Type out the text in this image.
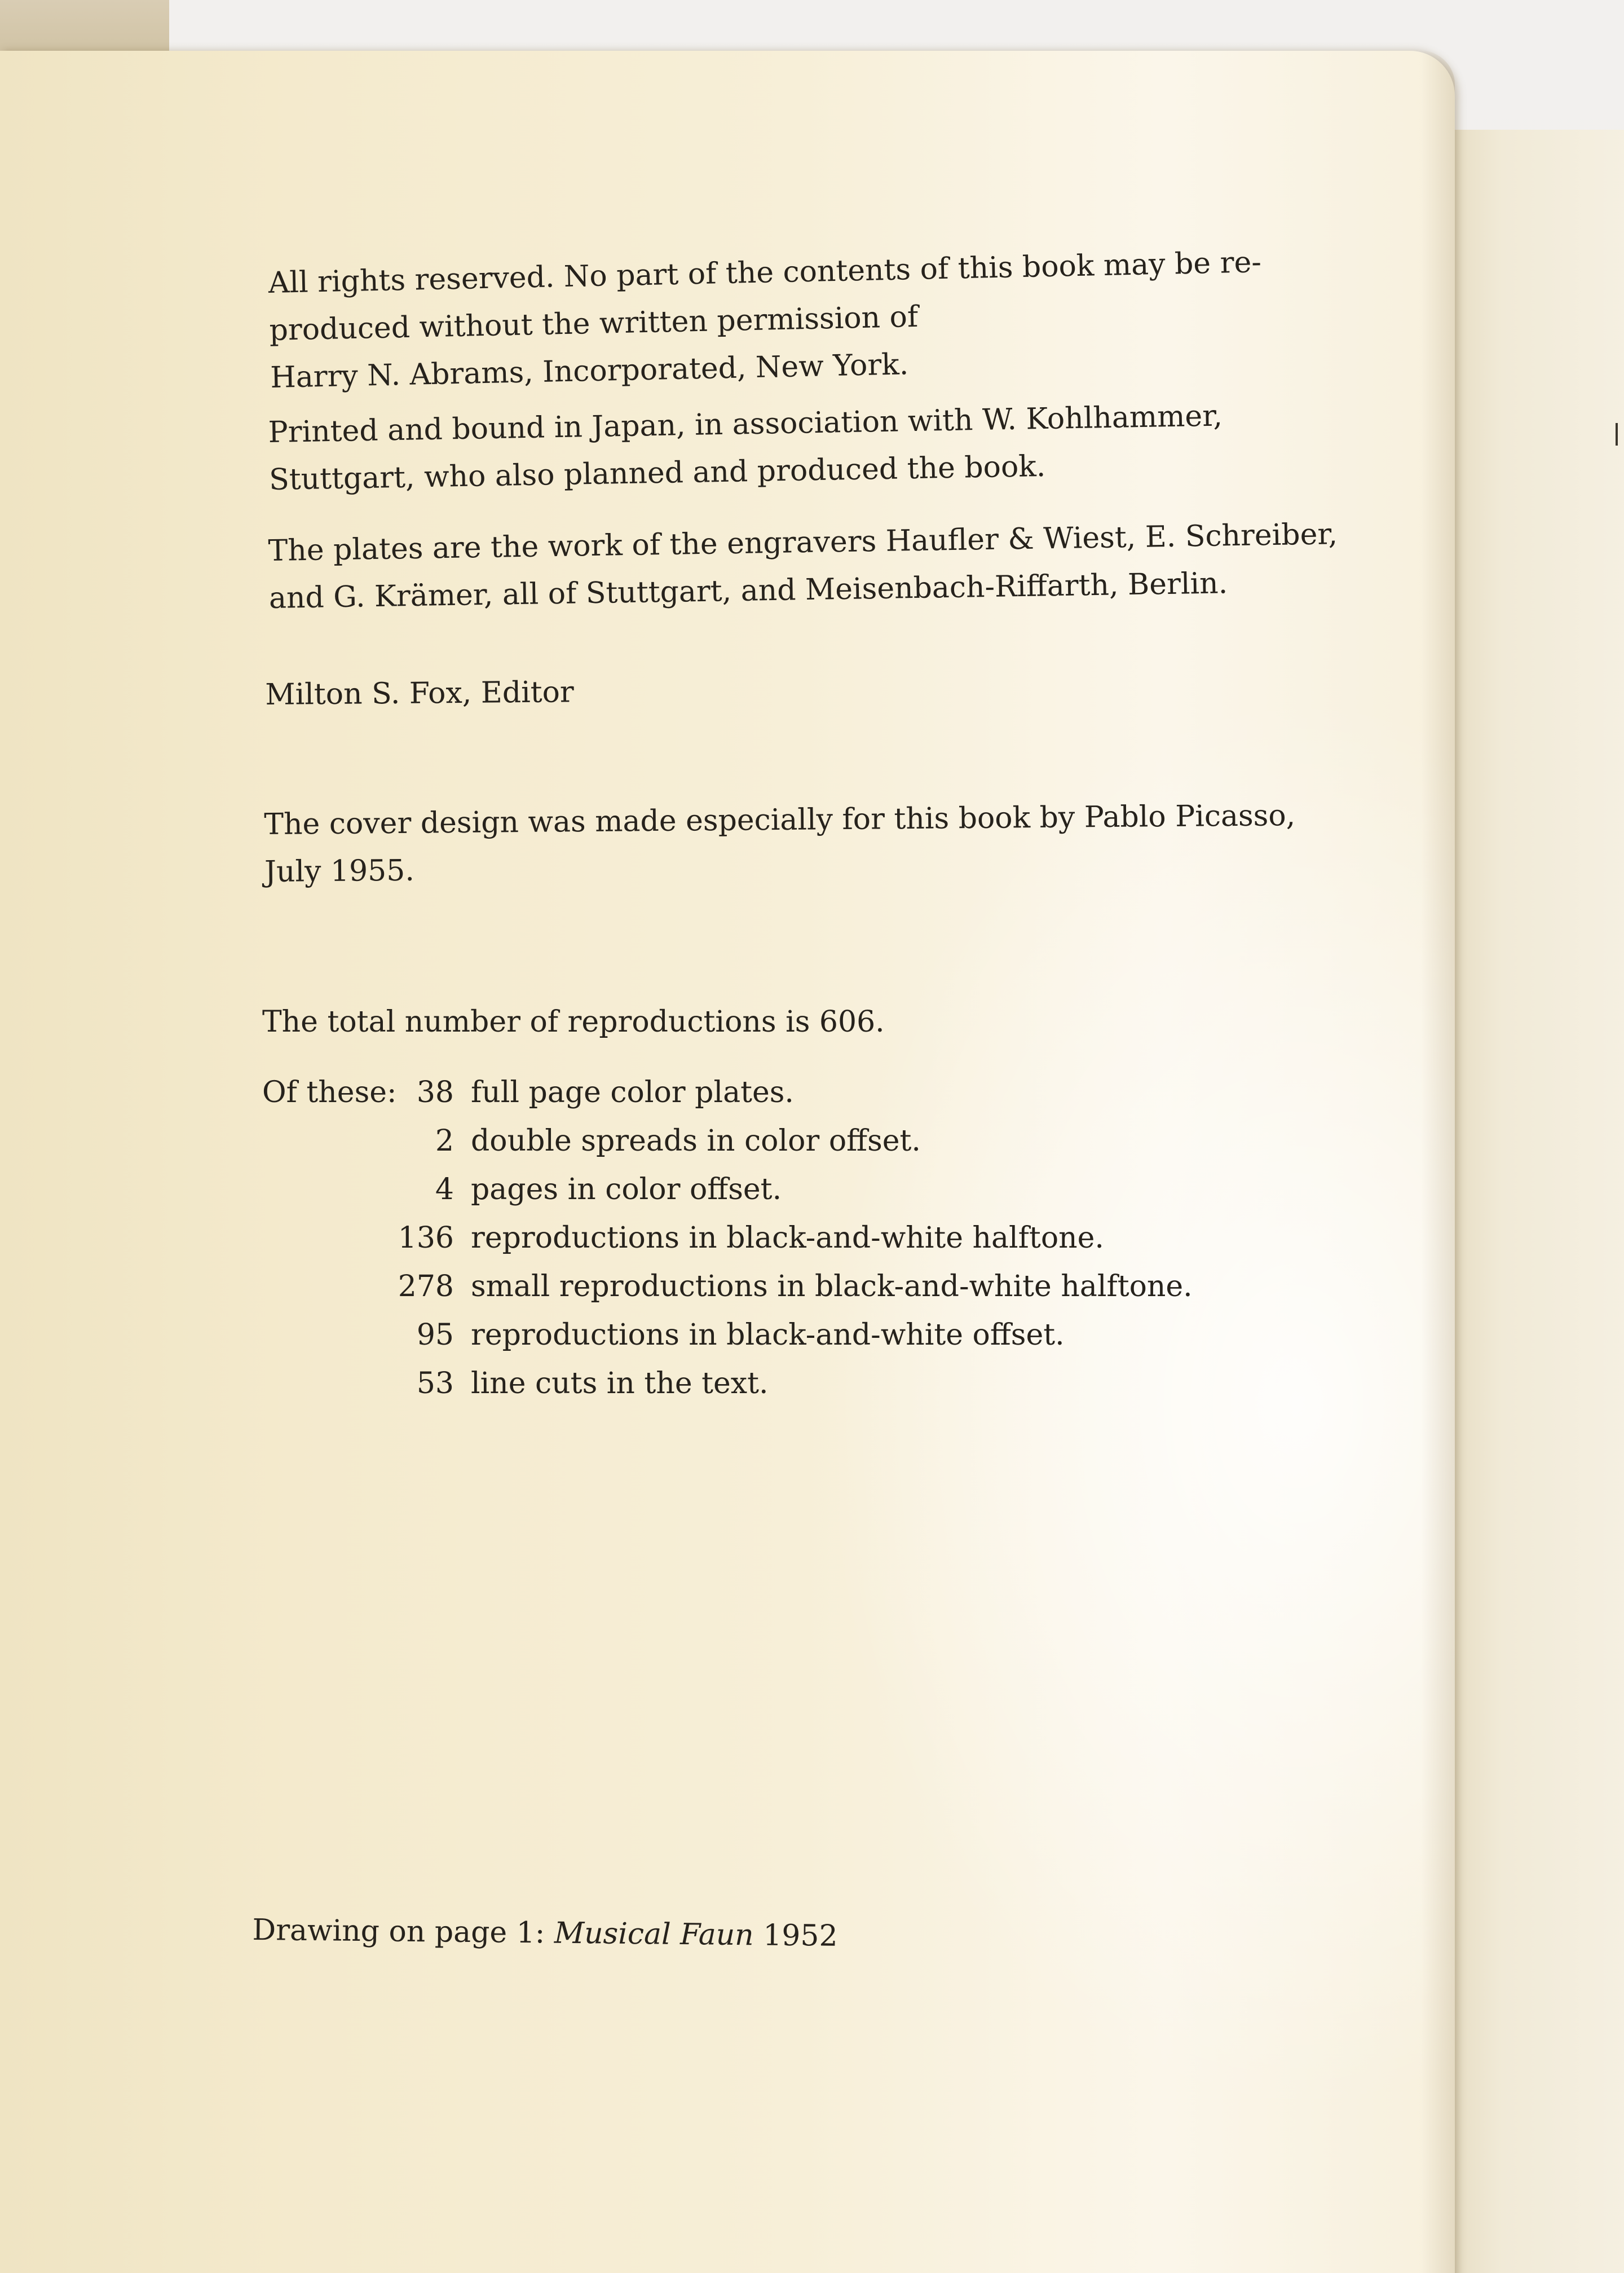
All rights reserved. No part of the contents of this book may be re-
produced without the written permission of
Harry N. Abrams, Incorporated, New York.
Printed and bound in Japan, in association with W. Kohlhammer,
Stuttgart, who also planned and produced the book.
The plates are the work of the engravers Haufler & Wiest, E. Schreiber,
and G. Krämer, all of Stuttgart, and Meisenbach-Riffarth, Berlin.
Milton S. Fox, Editor
The cover design was made especially for this book by Pablo Picasso,
July 1955.
The total number of reproductions is 606.
Of these: 38 full page color plates.
2 double spreads in color offset.
4 pages in color offset.
136 reproductions in black-and-white halftone.
278 small reproductions in black-and-white halftone.
95 reproductions in black-and-white offset.
53 line cuts in the text.
Drawing on page 1: Musical Faun 1952
